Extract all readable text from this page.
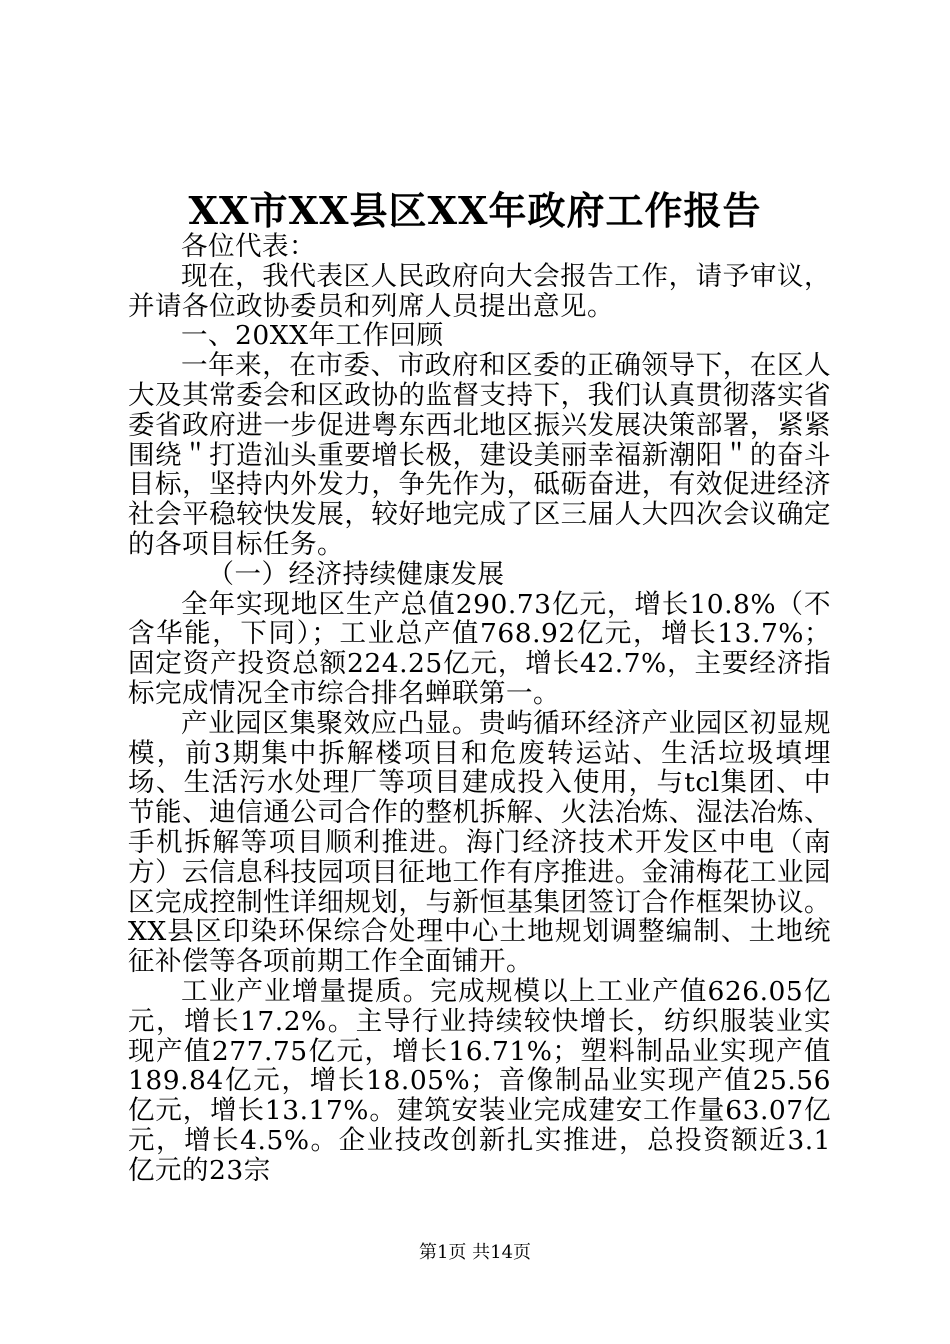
XX市XX县区XX年政府工作报告

各位代表：

现在，我代表区人民政府向大会报告工作，请予审议，并请各位政协委员和列席人员提出意见。

一、20XX年工作回顾

一年来，在市委、市政府和区委的正确领导下，在区人大及其常委会和区政协的监督支持下，我们认真贯彻落实省委省政府进一步促进粤东西北地区振兴发展决策部署，紧紧围绕＂打造汕头重要增长极，建设美丽幸福新潮阳＂的奋斗目标，坚持内外发力，争先作为，砥砺奋进，有效促进经济社会平稳较快发展，较好地完成了区三届人大四次会议确定的各项目标任务。

（一）经济持续健康发展

全年实现地区生产总值290.73亿元，增长10.8%（不含华能，下同）；工业总产值768.92亿元，增长13.7%；固定资产投资总额224.25亿元，增长42.7%，主要经济指标完成情况全市综合排名蝉联第一。

产业园区集聚效应凸显。贵屿循环经济产业园区初显规模，前3期集中拆解楼项目和危废转运站、生活垃圾填埋场、生活污水处理厂等项目建成投入使用，与tcl集团、中节能、迪信通公司合作的整机拆解、火法冶炼、湿法冶炼、手机拆解等项目顺利推进。海门经济技术开发区中电（南方）云信息科技园项目征地工作有序推进。金浦梅花工业园区完成控制性详细规划，与新恒基集团签订合作框架协议。XX县区印染环保综合处理中心土地规划调整编制、土地统征补偿等各项前期工作全面铺开。

工业产业增量提质。完成规模以上工业产值626.05亿元，增长17.2%。主导行业持续较快增长，纺织服装业实现产值277.75亿元，增长16.71%；塑料制品业实现产值189.84亿元，增长18.05%；音像制品业实现产值25.56亿元，增长13.17%。建筑安装业完成建安工作量63.07亿元，增长4.5%。企业技改创新扎实推进，总投资额近3.1亿元的23宗

第1页 共14页
